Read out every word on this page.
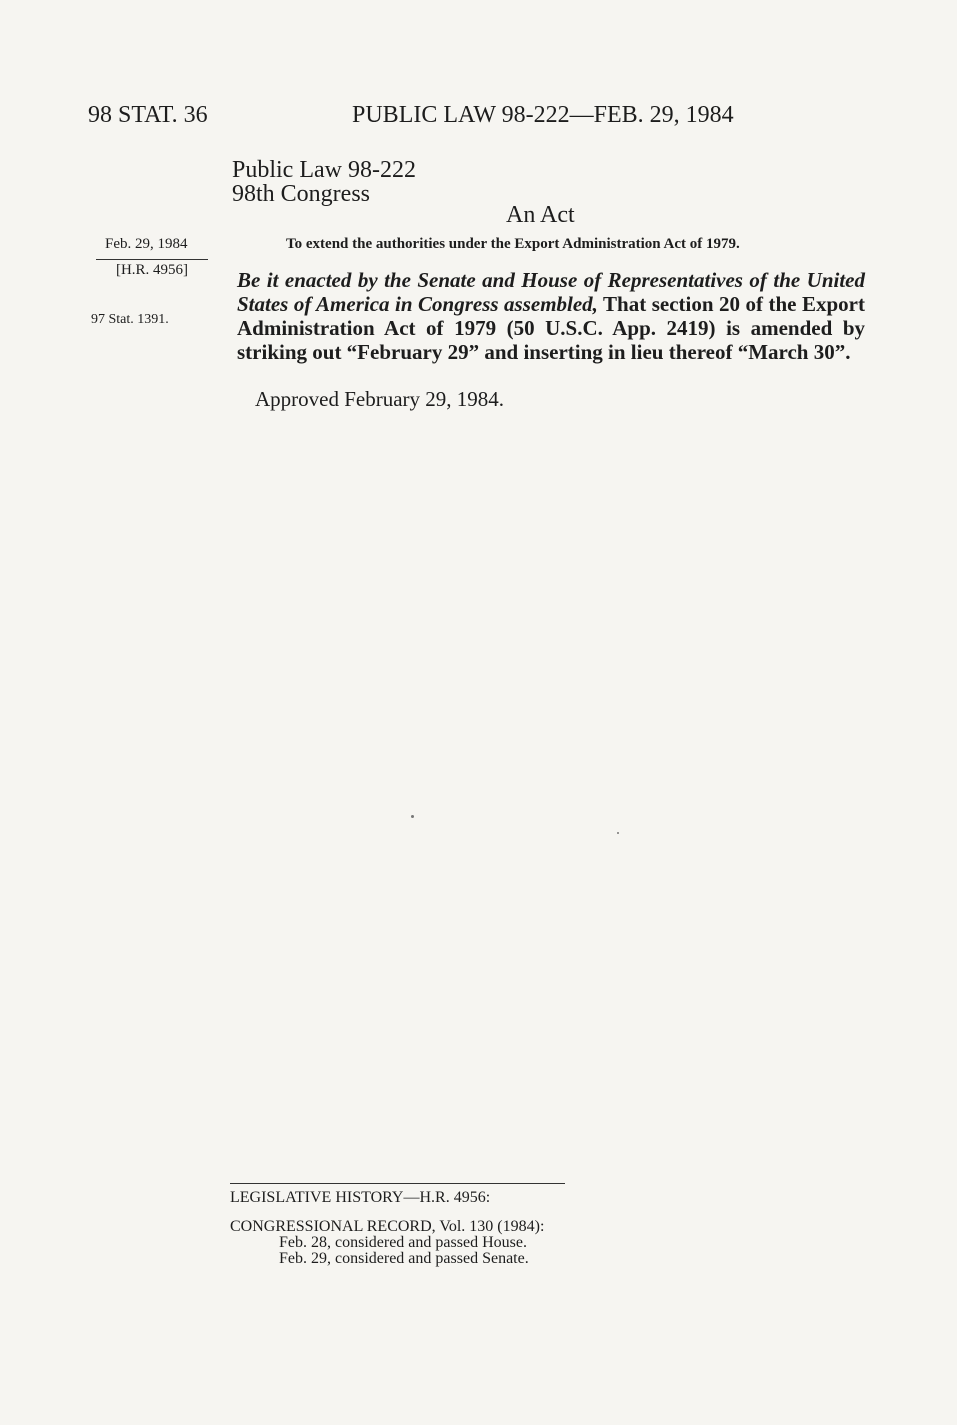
98 STAT. 36	PUBLIC LAW 98-222—FEB. 29, 1984
Public Law 98-222
98th Congress
An Act
To extend the authorities under the Export Administration Act of 1979.
Feb. 29, 1984
[H.R. 4956]
97 Stat. 1391.
Be it enacted by the Senate and House of Representatives of the United States of America in Congress assembled, That section 20 of the Export Administration Act of 1979 (50 U.S.C. App. 2419) is amended by striking out “February 29” and inserting in lieu thereof “March 30”.
Approved February 29, 1984.
LEGISLATIVE HISTORY—H.R. 4956:
CONGRESSIONAL RECORD, Vol. 130 (1984):
Feb. 28, considered and passed House.
Feb. 29, considered and passed Senate.
